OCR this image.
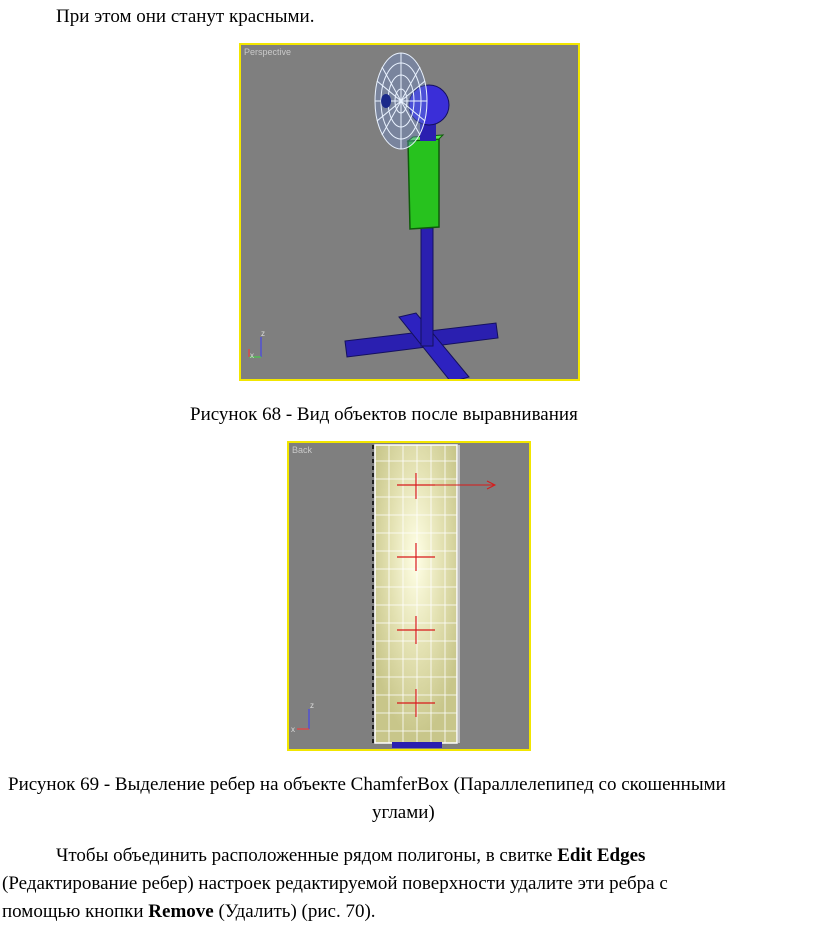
При этом они станут красными.
Perspective
z
x
Рисунок 68 - Вид объектов после выравнивания
Back
z
x
Рисунок 69 - Выделение ребер на объекте ChamferBox (Параллелепипед со скошенными
углами)
Чтобы объединить расположенные рядом полигоны, в свитке Edit Edges
(Редактирование ребер) настроек редактируемой поверхности удалите эти ребра с
помощью кнопки Remove (Удалить) (рис. 70).
